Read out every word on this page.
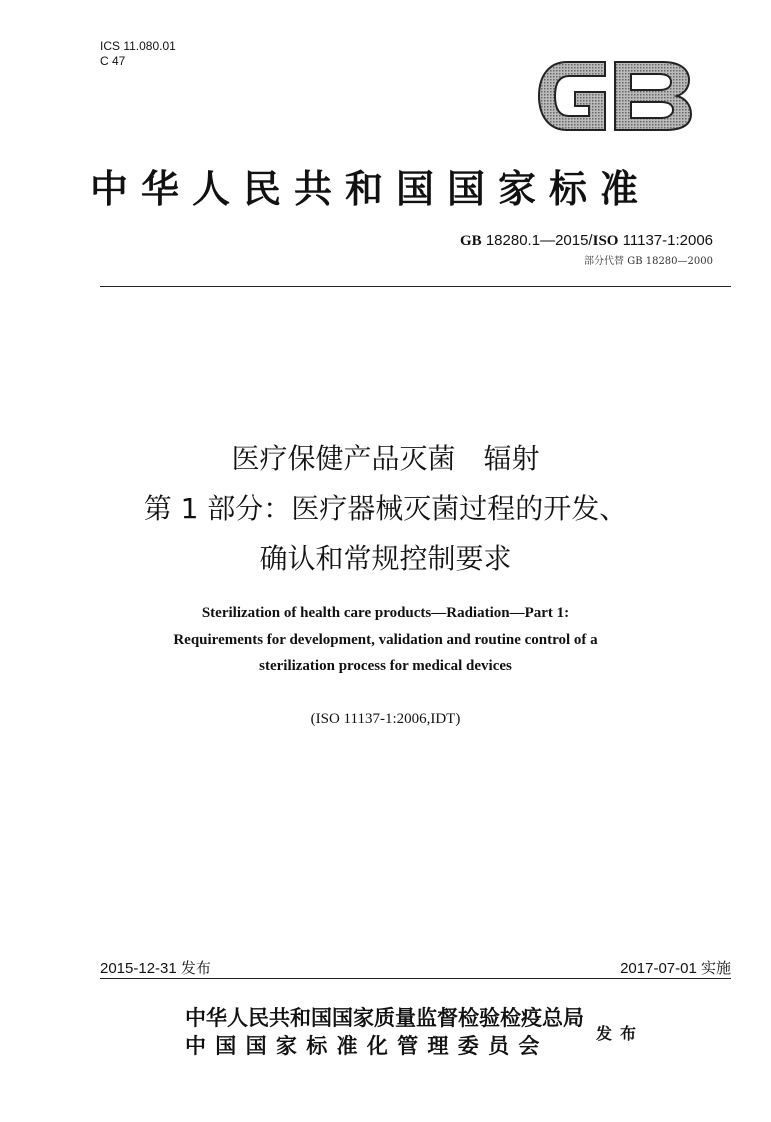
ICS 11.080.01
C 47
中华人民共和国国家标准
GB 18280.1—2015/ISO 11137-1:2006
部分代替 GB 18280—2000
医疗保健产品灭菌　辐射
第 1 部分：医疗器械灭菌过程的开发、
确认和常规控制要求
Sterilization of health care products—Radiation—Part 1:
Requirements for development, validation and routine control of a
sterilization process for medical devices
(ISO 11137-1:2006,IDT)
2015-12-31 发布	2017-07-01 实施
中华人民共和国国家质量监督检验检疫总局
中 国 国 家 标 准 化 管 理 委 员 会	发布
